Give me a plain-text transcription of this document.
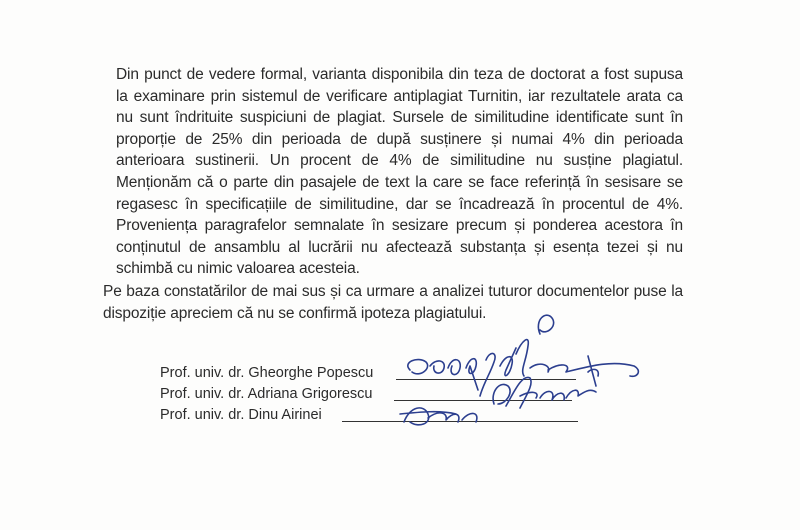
Din punct de vedere formal, varianta disponibila din teza de doctorat a fost supusa la examinare prin sistemul de verificare antiplagiat Turnitin, iar rezultatele arata ca nu sunt îndrituite suspiciuni de plagiat. Sursele de similitudine identificate sunt în proporție de 25% din perioada de după susținere și numai 4% din perioada anterioara sustinerii. Un procent de 4% de similitudine nu susține plagiatul. Menționăm că o parte din pasajele de text la care se face referință în sesisare se regasesc în specificațiile de similitudine, dar se încadrează în procentul de 4%. Proveniența paragrafelor semnalate în sesizare precum și ponderea acestora în conținutul de ansamblu al lucrării nu afectează substanța și esența tezei și nu schimbă cu nimic valoarea acesteia.

Pe baza constatărilor de mai sus și ca urmare a analizei tuturor documentelor puse la dispoziție apreciem că nu se confirmă ipoteza plagiatului.

Prof. univ. dr. Gheorghe Popescu
Prof. univ. dr. Adriana Grigorescu
Prof. univ. dr. Dinu Airinei
